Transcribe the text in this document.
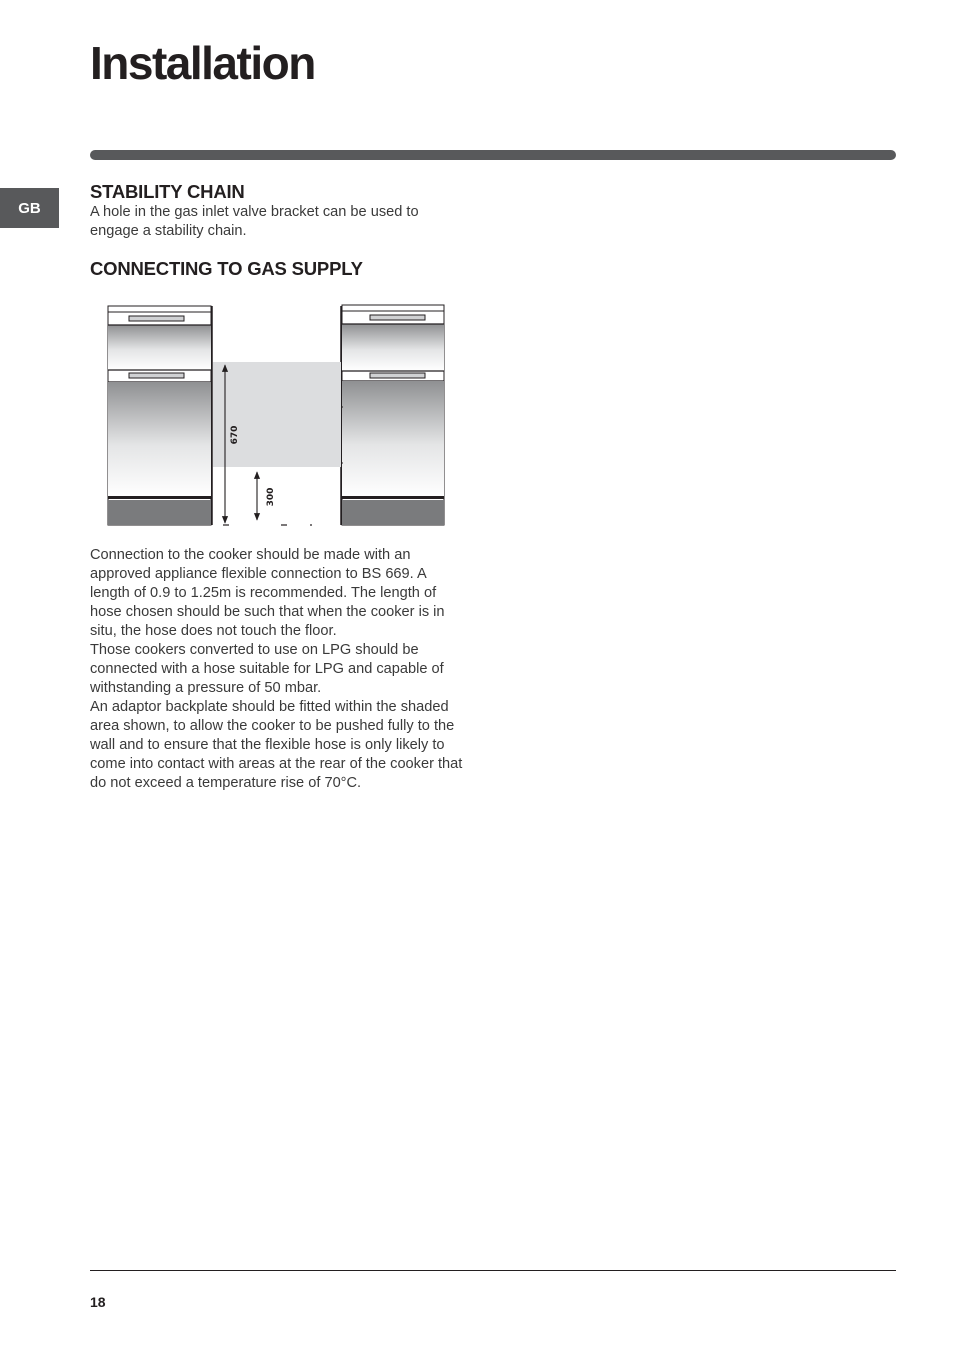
Installation
GB
STABILITY CHAIN

A hole in the gas inlet valve bracket can be used to engage a stability chain.

CONNECTING TO GAS SUPPLY
670
300

Connection to the cooker should be made with an approved appliance flexible connection to BS 669. A length of 0.9 to 1.25m is recommended. The length of hose chosen should be such that when the cooker is in situ, the hose does not touch the floor.

Those cookers converted to use on LPG should be connected with a hose suitable for LPG and capable of withstanding a pressure of 50 mbar.

An adaptor backplate should be fitted within the shaded area shown, to allow the cooker to be pushed fully to the wall and to ensure that the flexible hose is only likely to come into contact with areas at the rear of the cooker that do not exceed a temperature rise of 70°C.

18
